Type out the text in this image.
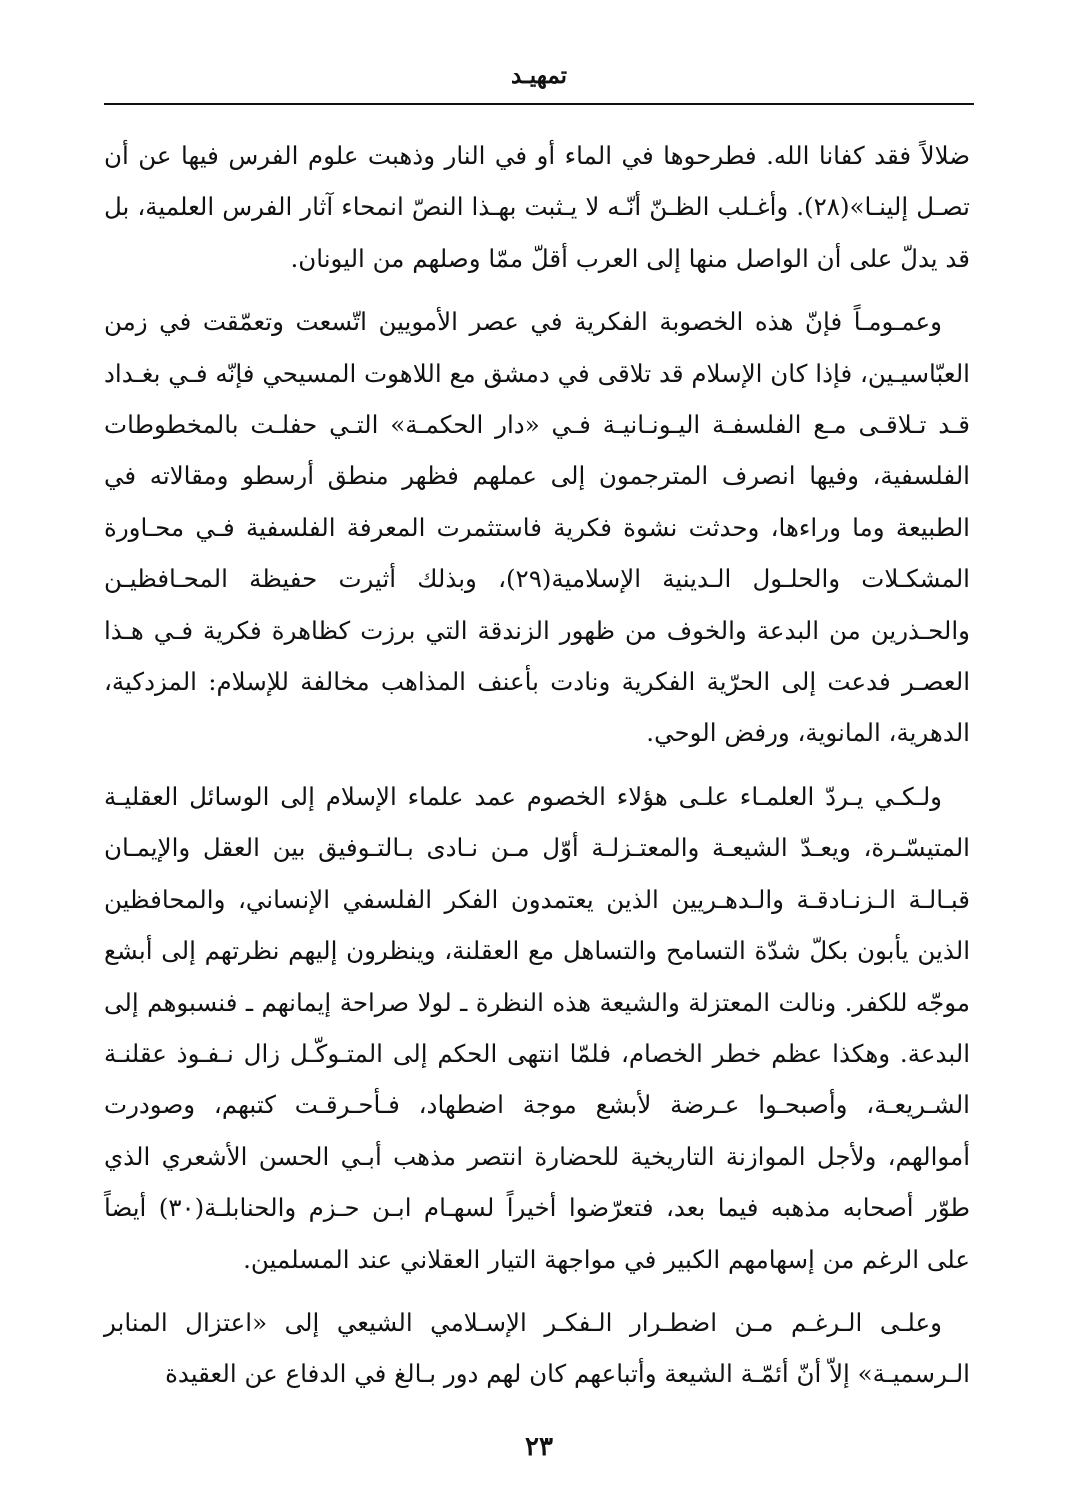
تمهيـد

ضلالاً فقد كفانا الله. فطرحوها في الماء أو في النار وذهبت علوم الفرس فيها عن أن تصـل إلينـا»(٢٨). وأغـلب الظـنّ أنّـه لا يـثبت بهـذا النصّ انمحاء آثار الفرس العلمية، بل قد يدلّ على أن الواصل منها إلى العرب أقلّ ممّا وصلهم من اليونان.

وعمـومـاً فإنّ هذه الخصوبة الفكرية في عصر الأمويين اتّسعت وتعمّقت في زمن العبّاسيـين، فإذا كان الإسلام قد تلاقى في دمشق مع اللاهوت المسيحي فإنّه فـي بغـداد قـد تـلاقـى مـع الفلسفـة اليـونـانيـة فـي «دار الحكمـة» التـي حفلـت بالمخطوطات الفلسفية، وفيها انصرف المترجمون إلى عملهم فظهر منطق أرسطو ومقالاته في الطبيعة وما وراءها، وحدثت نشوة فكرية فاستثمرت المعرفة الفلسفية فـي محـاورة المشكـلات والحلـول الـدينية الإسلامية(٢٩)، وبذلك أثيرت حفيظة المحـافظيـن والحـذرين من البدعة والخوف من ظهور الزندقة التي برزت كظاهرة فكرية فـي هـذا العصـر فدعت إلى الحرّية الفكرية ونادت بأعنف المذاهب مخالفة للإسلام: المزدكية، الدهرية، المانوية، ورفض الوحي.

ولـكـي يـردّ العلمـاء علـى هؤلاء الخصوم عمد علماء الإسلام إلى الوسائل العقليـة المتيسّـرة، ويعـدّ الشيعـة والمعتـزلـة أوّل مـن نـادى بـالتـوفيق بين العقل والإيمـان قبـالـة الـزنـادقـة والـدهـريين الذين يعتمدون الفكر الفلسفي الإنساني، والمحافظين الذين يأبون بكلّ شدّة التسامح والتساهل مع العقلنة، وينظرون إليهم نظرتهم إلى أبشع موجّه للكفر. ونالت المعتزلة والشيعة هذه النظرة ـ لولا صراحة إيمانهم ـ فنسبوهم إلى البدعة. وهكذا عظم خطر الخصام، فلمّا انتهى الحكم إلى المتـوكّـل زال نـفـوذ عقلنـة الشـريعـة، وأصبحـوا عـرضة لأبشع موجة اضطهاد، فـأحـرقـت كتبهم، وصودرت أموالهم، ولأجل الموازنة التاريخية للحضارة انتصر مذهب أبـي الحسن الأشعري الذي طوّر أصحابه مذهبه فيما بعد، فتعرّضوا أخيراً لسهـام ابـن حـزم والحنابلـة(٣٠) أيضاً على الرغم من إسهامهم الكبير في مواجهة التيار العقلاني عند المسلمين.

وعلـى الـرغـم مـن اضطـرار الـفكـر الإسـلامي الشيعي إلى «اعتزال المنابر الـرسميـة» إلاّ أنّ أئمّـة الشيعة وأتباعهم كان لهم دور بـالغ في الدفاع عن العقيدة

٢٣
